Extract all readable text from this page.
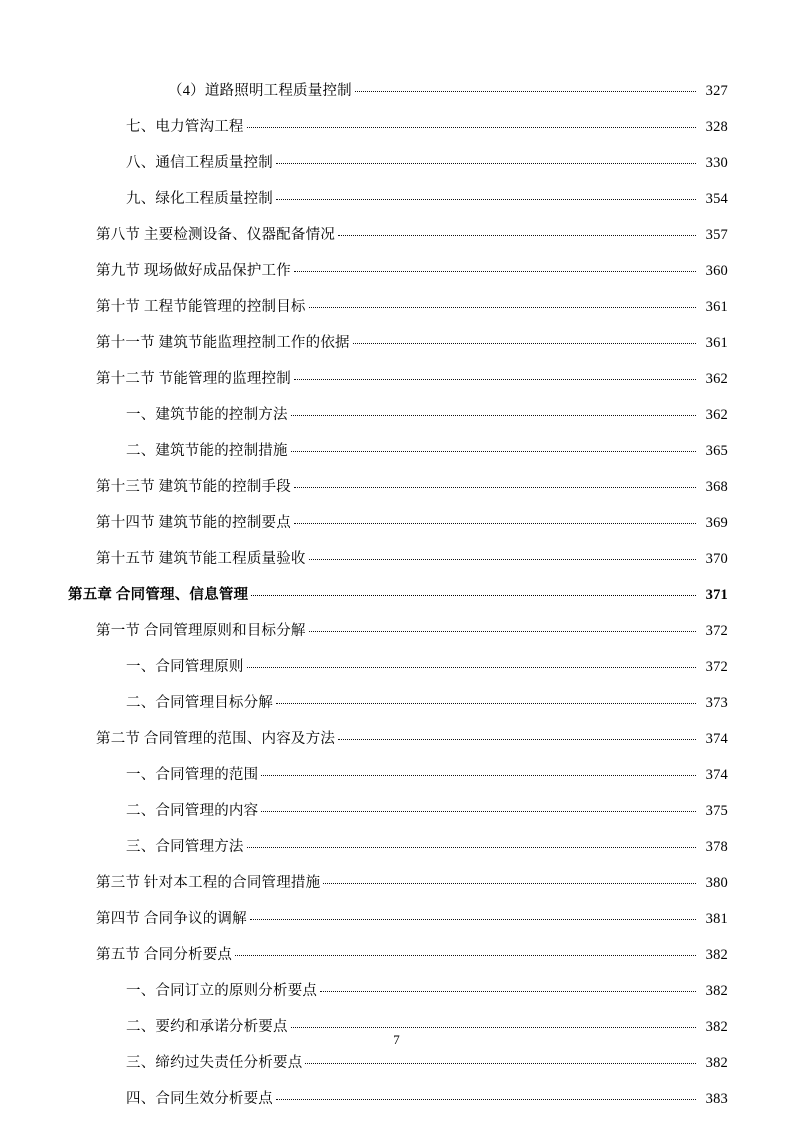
（4）道路照明工程质量控制	327
七、电力管沟工程	328
八、通信工程质量控制	330
九、绿化工程质量控制	354
第八节 主要检测设备、仪器配备情况	357
第九节 现场做好成品保护工作	360
第十节 工程节能管理的控制目标	361
第十一节 建筑节能监理控制工作的依据	361
第十二节 节能管理的监理控制	362
一、建筑节能的控制方法	362
二、建筑节能的控制措施	365
第十三节 建筑节能的控制手段	368
第十四节 建筑节能的控制要点	369
第十五节 建筑节能工程质量验收	370
第五章 合同管理、信息管理	371
第一节 合同管理原则和目标分解	372
一、合同管理原则	372
二、合同管理目标分解	373
第二节 合同管理的范围、内容及方法	374
一、合同管理的范围	374
二、合同管理的内容	375
三、合同管理方法	378
第三节 针对本工程的合同管理措施	380
第四节 合同争议的调解	381
第五节 合同分析要点	382
一、合同订立的原则分析要点	382
二、要约和承诺分析要点	382
三、缔约过失责任分析要点	382
四、合同生效分析要点	383
7
